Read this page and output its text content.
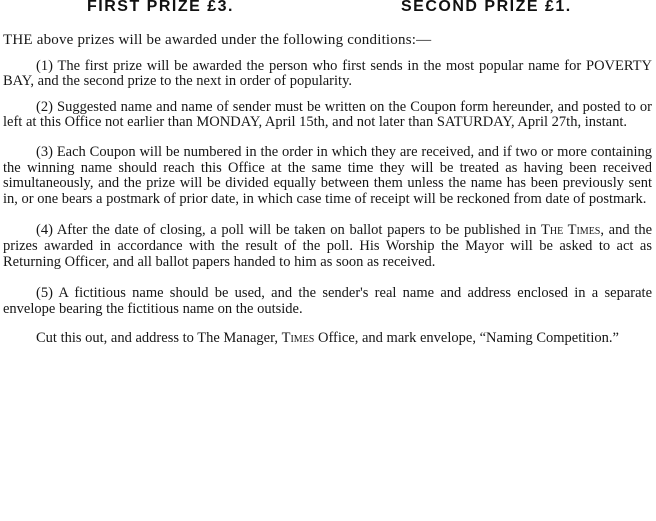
FIRST PRIZE £3.	SECOND PRIZE £1.

THE above prizes will be awarded under the following conditions:—

(1) The first prize will be awarded the person who first sends in the most popular name for POVERTY BAY, and the second prize to the next in order of popularity.

(2) Suggested name and name of sender must be written on the Coupon form hereunder, and posted to or left at this Office not earlier than MONDAY, April 15th, and not later than SATURDAY, April 27th, instant.

(3) Each Coupon will be numbered in the order in which they are received, and if two or more containing the winning name should reach this Office at the same time they will be treated as having been received simultaneously, and the prize will be divided equally between them unless the name has been previously sent in, or one bears a postmark of prior date, in which case time of receipt will be reckoned from date of postmark.

(4) After the date of closing, a poll will be taken on ballot papers to be published in The Times, and the prizes awarded in accordance with the result of the poll. His Worship the Mayor will be asked to act as Returning Officer, and all ballot papers handed to him as soon as received.

(5) A fictitious name should be used, and the sender's real name and address enclosed in a separate envelope bearing the fictitious name on the outside.

Cut this out, and address to The Manager, Times Office, and mark envelope, “Naming Competition.”
